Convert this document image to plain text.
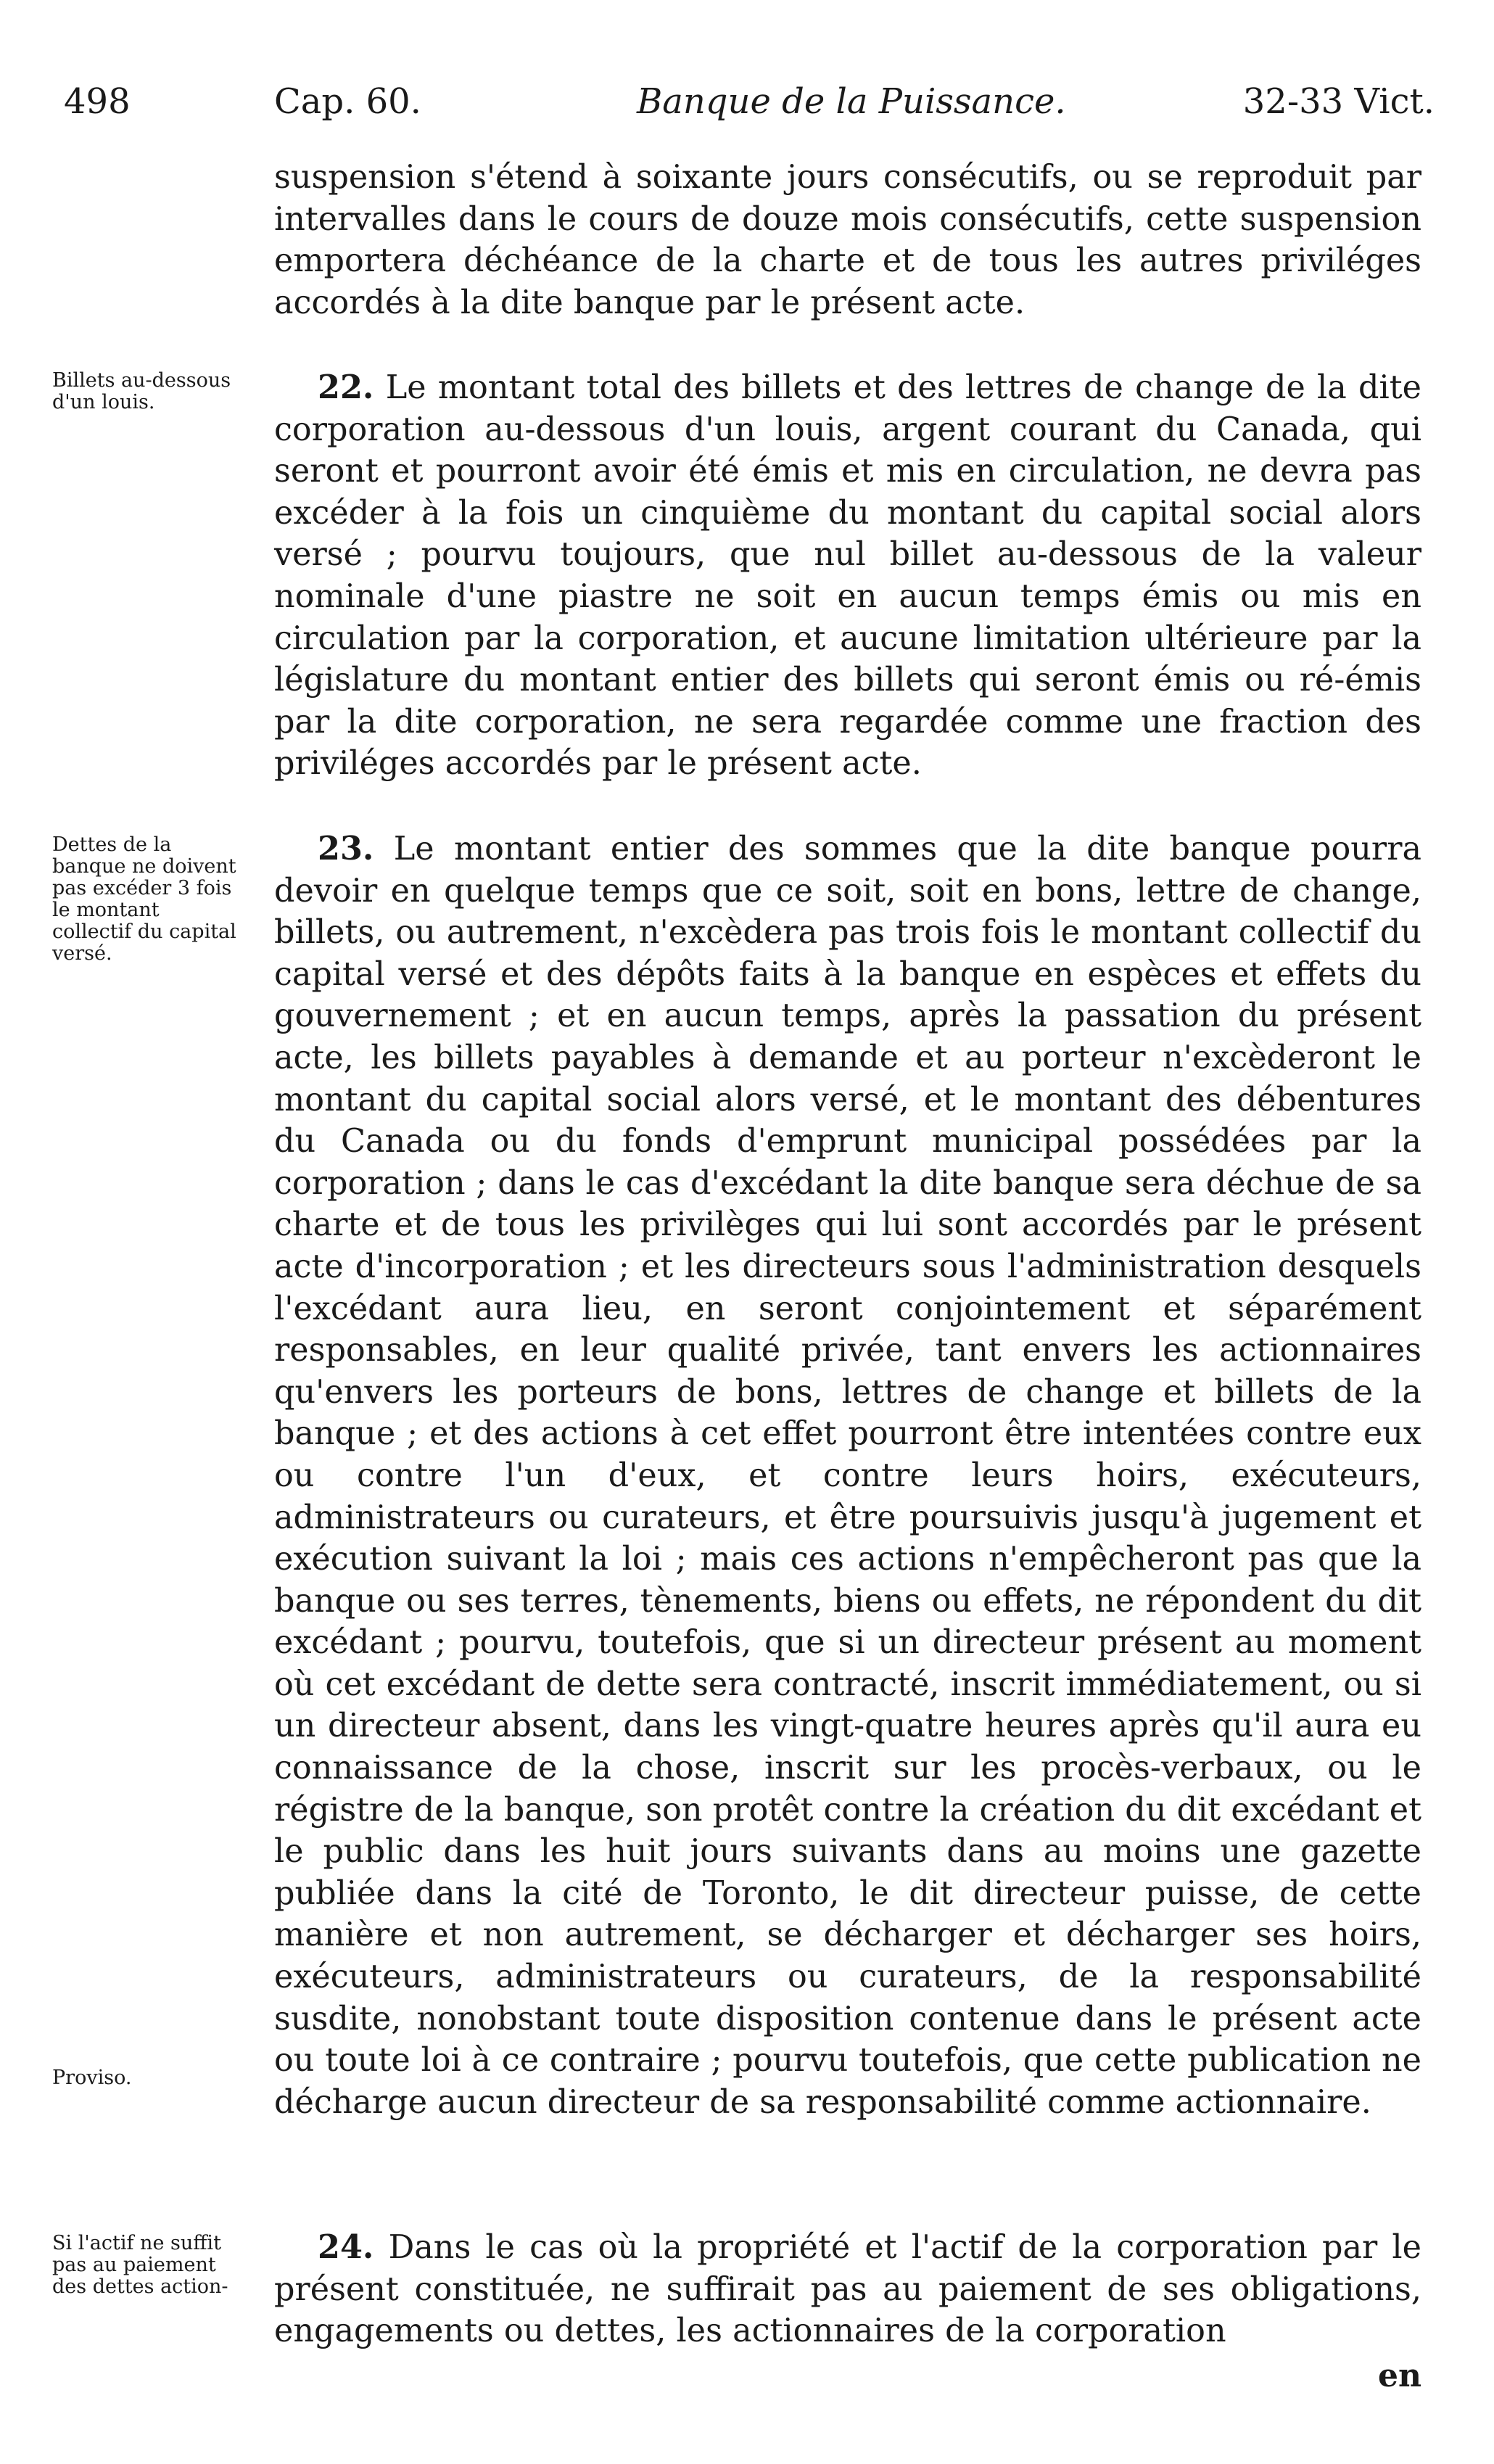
498	Cap. 60.	Banque de la Puissance.	32-33 Vict.

suspension s'étend à soixante jours consécutifs, ou se reproduit par intervalles dans le cours de douze mois consécutifs, cette suspension emportera déchéance de la charte et de tous les autres priviléges accordés à la dite banque par le présent acte.

Billets au-dessous d'un louis.	22. Le montant total des billets et des lettres de change de la dite corporation au-dessous d'un louis, argent courant du Canada, qui seront et pourront avoir été émis et mis en circulation, ne devra pas excéder à la fois un cinquième du montant du capital social alors versé ; pourvu toujours, que nul billet au-dessous de la valeur nominale d'une piastre ne soit en aucun temps émis ou mis en circulation par la corporation, et aucune limitation ultérieure par la législature du montant entier des billets qui seront émis ou ré-émis par la dite corporation, ne sera regardée comme une fraction des priviléges accordés par le présent acte.

Dettes de la banque ne doivent pas excéder 3 fois le montant collectif du capital versé.
Proviso.

23. Le montant entier des sommes que la dite banque pourra devoir en quelque temps que ce soit, soit en bons, lettre de change, billets, ou autrement, n'excèdera pas trois fois le montant collectif du capital versé et des dépôts faits à la banque en espèces et effets du gouvernement ; et en aucun temps, après la passation du présent acte, les billets payables à demande et au porteur n'excèderont le montant du capital social alors versé, et le montant des débentures du Canada ou du fonds d'emprunt municipal possédées par la corporation ; dans le cas d'excédant la dite banque sera déchue de sa charte et de tous les privilèges qui lui sont accordés par le présent acte d'incorporation ; et les directeurs sous l'administration desquels l'excédant aura lieu, en seront conjointement et séparément responsables, en leur qualité privée, tant envers les actionnaires qu'envers les porteurs de bons, lettres de change et billets de la banque ; et des actions à cet effet pourront être intentées contre eux ou contre l'un d'eux, et contre leurs hoirs, exécuteurs, administrateurs ou curateurs, et être poursuivis jusqu'à jugement et exécution suivant la loi ; mais ces actions n'empêcheront pas que la banque ou ses terres, tènements, biens ou effets, ne répondent du dit excédant ; pourvu, toutefois, que si un directeur présent au moment où cet excédant de dette sera contracté, inscrit immédiatement, ou si un directeur absent, dans les vingt-quatre heures après qu'il aura eu connaissance de la chose, inscrit sur les procès-verbaux, ou le régistre de la banque, son protêt contre la création du dit excédant et le public dans les huit jours suivants dans au moins une gazette publiée dans la cité de Toronto, le dit directeur puisse, de cette manière et non autrement, se décharger et décharger ses hoirs, exécuteurs, administrateurs ou curateurs, de la responsabilité susdite, nonobstant toute disposition contenue dans le présent acte ou toute loi à ce contraire ; pourvu toutefois, que cette publication ne décharge aucun directeur de sa responsabilité comme actionnaire.

Si l'actif ne suffit pas au paiement des dettes action-

24. Dans le cas où la propriété et l'actif de la corporation par le présent constituée, ne suffirait pas au paiement de ses obligations, engagements ou dettes, les actionnaires de la corporation

en
